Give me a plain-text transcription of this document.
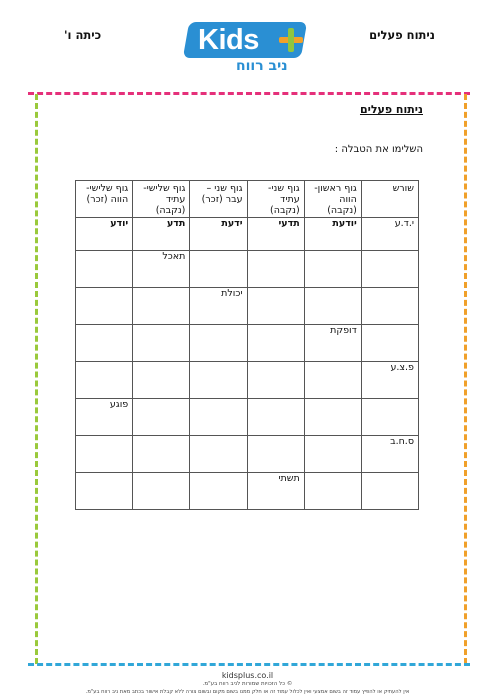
כיתה ו'	ניתוח פעלים
Kids
ניב רווח
ניתוח פעלים
השלימו את הטבלה :
שורש	גוף ראשון- הווה (נקבה)	גוף שני- עתיד (נקבה)	גוף שני – עבר (זכר)	גוף שלישי- עתיד (נקבה)	גוף שלישי- הווה (זכר)
י.ד.ע	יודעת	תדעי	ידעת	תדע	יודע
				תאכל	
			יכולת		
	דופקת				
פ.צ.ע					
					פוגע
ס.ח.ב					
		תשתי			
kidsplus.co.il
© כל הזכויות שמורות לניב רווח בע"מ.
אין להעתיק או להפיץ עמוד זה בשום אמצעי ואין לכלול עמוד זה או חלק ממנו בשום מקום ובשום צורה ללא קבלת אישור בכתב מאת ניב רווח בע"מ.
